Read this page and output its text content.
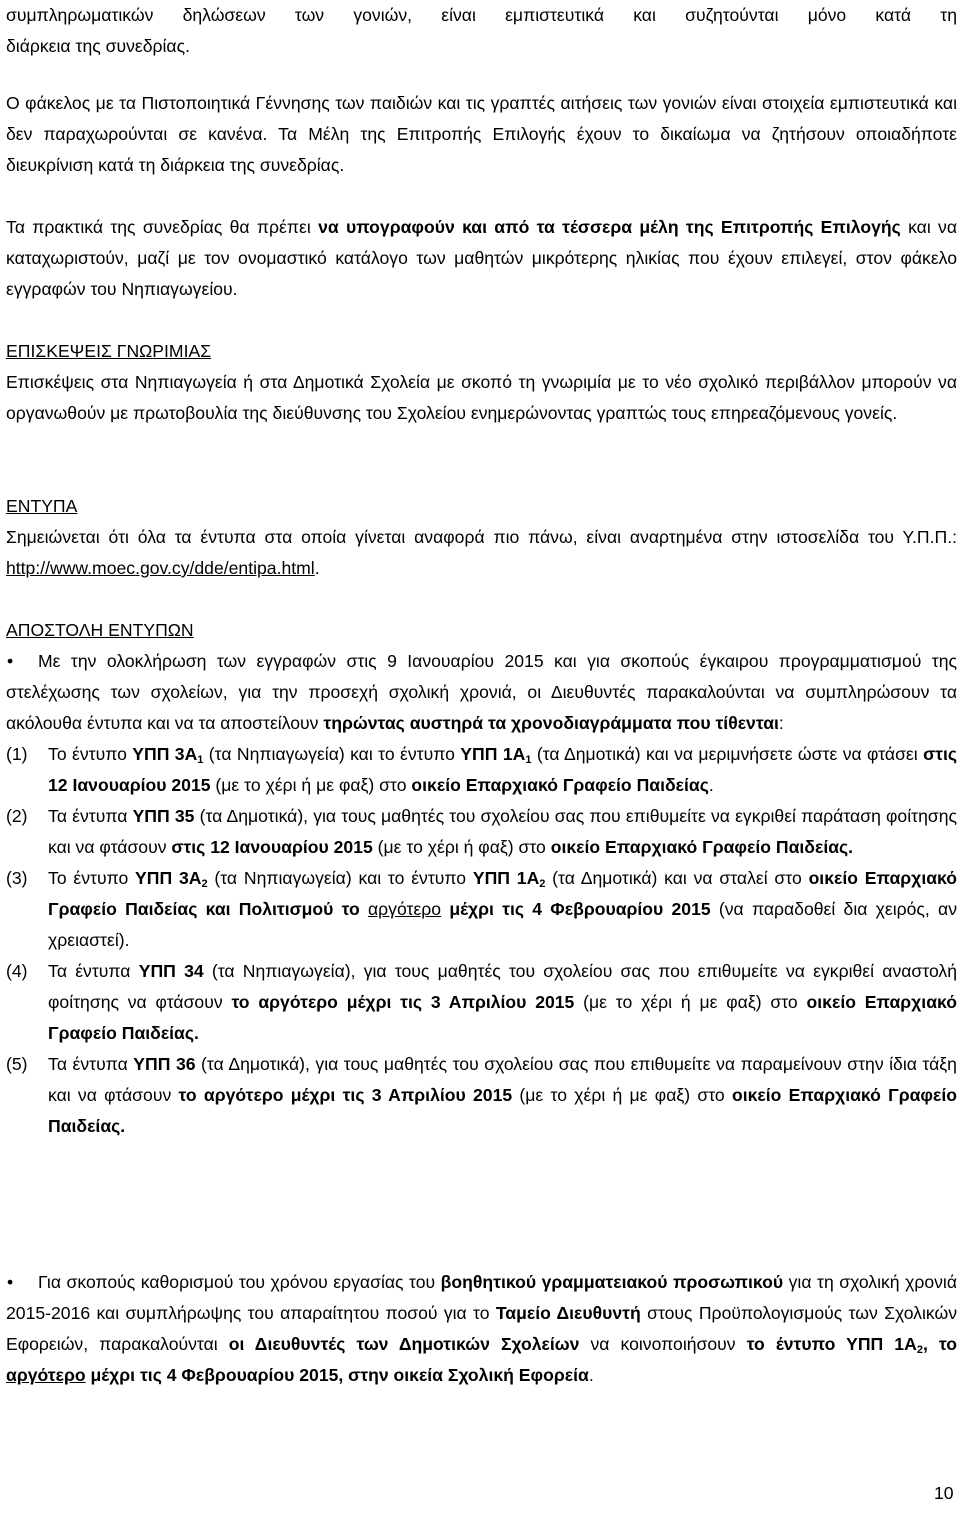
συμπληρωματικών δηλώσεων των γονιών, είναι εμπιστευτικά και συζητούνται μόνο κατά τη

διάρκεια της συνεδρίας.

Ο φάκελος με τα Πιστοποιητικά Γέννησης των παιδιών και τις γραπτές αιτήσεις των γονιών είναι στοιχεία εμπιστευτικά και δεν παραχωρούνται σε κανένα. Τα Μέλη της Επιτροπής Επιλογής έχουν το δικαίωμα να ζητήσουν οποιαδήποτε διευκρίνιση κατά τη διάρκεια της συνεδρίας.

Τα πρακτικά της συνεδρίας θα πρέπει να υπογραφούν και από τα τέσσερα μέλη της Επιτροπής Επιλογής και να καταχωριστούν, μαζί με τον ονομαστικό κατάλογο των μαθητών μικρότερης ηλικίας που έχουν επιλεγεί, στον φάκελο εγγραφών του Νηπιαγωγείου.

ΕΠΙΣΚΕΨΕΙΣ ΓΝΩΡΙΜΙΑΣ

Επισκέψεις στα Νηπιαγωγεία ή στα Δημοτικά Σχολεία με σκοπό τη γνωριμία με το νέο σχολικό περιβάλλον μπορούν να οργανωθούν με πρωτοβουλία της διεύθυνσης του Σχολείου ενημερώνοντας γραπτώς τους επηρεαζόμενους γονείς.

ΕΝΤΥΠΑ

Σημειώνεται ότι όλα τα έντυπα στα οποία γίνεται αναφορά πιο πάνω, είναι αναρτημένα στην ιστοσελίδα του Υ.Π.Π.: http://www.moec.gov.cy/dde/entipa.html.

ΑΠΟΣΤΟΛΗ ΕΝΤΥΠΩΝ

• Με την ολοκλήρωση των εγγραφών στις 9 Ιανουαρίου 2015 και για σκοπούς έγκαιρου προγραμματισμού της στελέχωσης των σχολείων, για την προσεχή σχολική χρονιά, οι Διευθυντές παρακαλούνται να συμπληρώσουν τα ακόλουθα έντυπα και να τα αποστείλουν τηρώντας αυστηρά τα χρονοδιαγράμματα που τίθενται:

(1) Το έντυπο ΥΠΠ $3A_1$ (τα Νηπιαγωγεία) και το έντυπο ΥΠΠ $1A_1$ (τα Δημοτικά) και να μεριμνήσετε ώστε να φτάσει στις 12 Ιανουαρίου 2015 (με το χέρι ή με φαξ) στο οικείο Επαρχιακό Γραφείο Παιδείας.

(2) Τα έντυπα ΥΠΠ 35 (τα Δημοτικά), για τους μαθητές του σχολείου σας που επιθυμείτε να εγκριθεί παράταση φοίτησης και να φτάσουν στις 12 Ιανουαρίου 2015 (με το χέρι ή φαξ) στο οικείο Επαρχιακό Γραφείο Παιδείας.

(3) Το έντυπο ΥΠΠ $3A_2$ (τα Νηπιαγωγεία) και το έντυπο ΥΠΠ $1A_2$ (τα Δημοτικά) και να σταλεί στο οικείο Επαρχιακό Γραφείο Παιδείας και Πολιτισμού το αργότερο μέχρι τις 4 Φεβρουαρίου 2015 (να παραδοθεί δια χειρός, αν χρειαστεί).

(4) Τα έντυπα ΥΠΠ 34 (τα Νηπιαγωγεία), για τους μαθητές του σχολείου σας που επιθυμείτε να εγκριθεί αναστολή φοίτησης να φτάσουν το αργότερο μέχρι τις 3 Απριλίου 2015 (με το χέρι ή με φαξ) στο οικείο Επαρχιακό Γραφείο Παιδείας.

(5) Τα έντυπα ΥΠΠ 36 (τα Δημοτικά), για τους μαθητές του σχολείου σας που επιθυμείτε να παραμείνουν στην ίδια τάξη και να φτάσουν το αργότερο μέχρι τις 3 Απριλίου 2015 (με το χέρι ή με φαξ) στο οικείο Επαρχιακό Γραφείο Παιδείας.

• Για σκοπούς καθορισμού του χρόνου εργασίας του βοηθητικού γραμματειακού προσωπικού για τη σχολική χρονιά 2015-2016 και συμπλήρωψης του απαραίτητου ποσού για το Ταμείο Διευθυντή στους Προϋπολογισμούς των Σχολικών Εφορειών, παρακαλούνται οι Διευθυντές των Δημοτικών Σχολείων να κοινοποιήσουν το έντυπο ΥΠΠ $1A_2$, το αργότερο μέχρι τις 4 Φεβρουαρίου 2015, στην οικεία Σχολική Εφορεία.

10
